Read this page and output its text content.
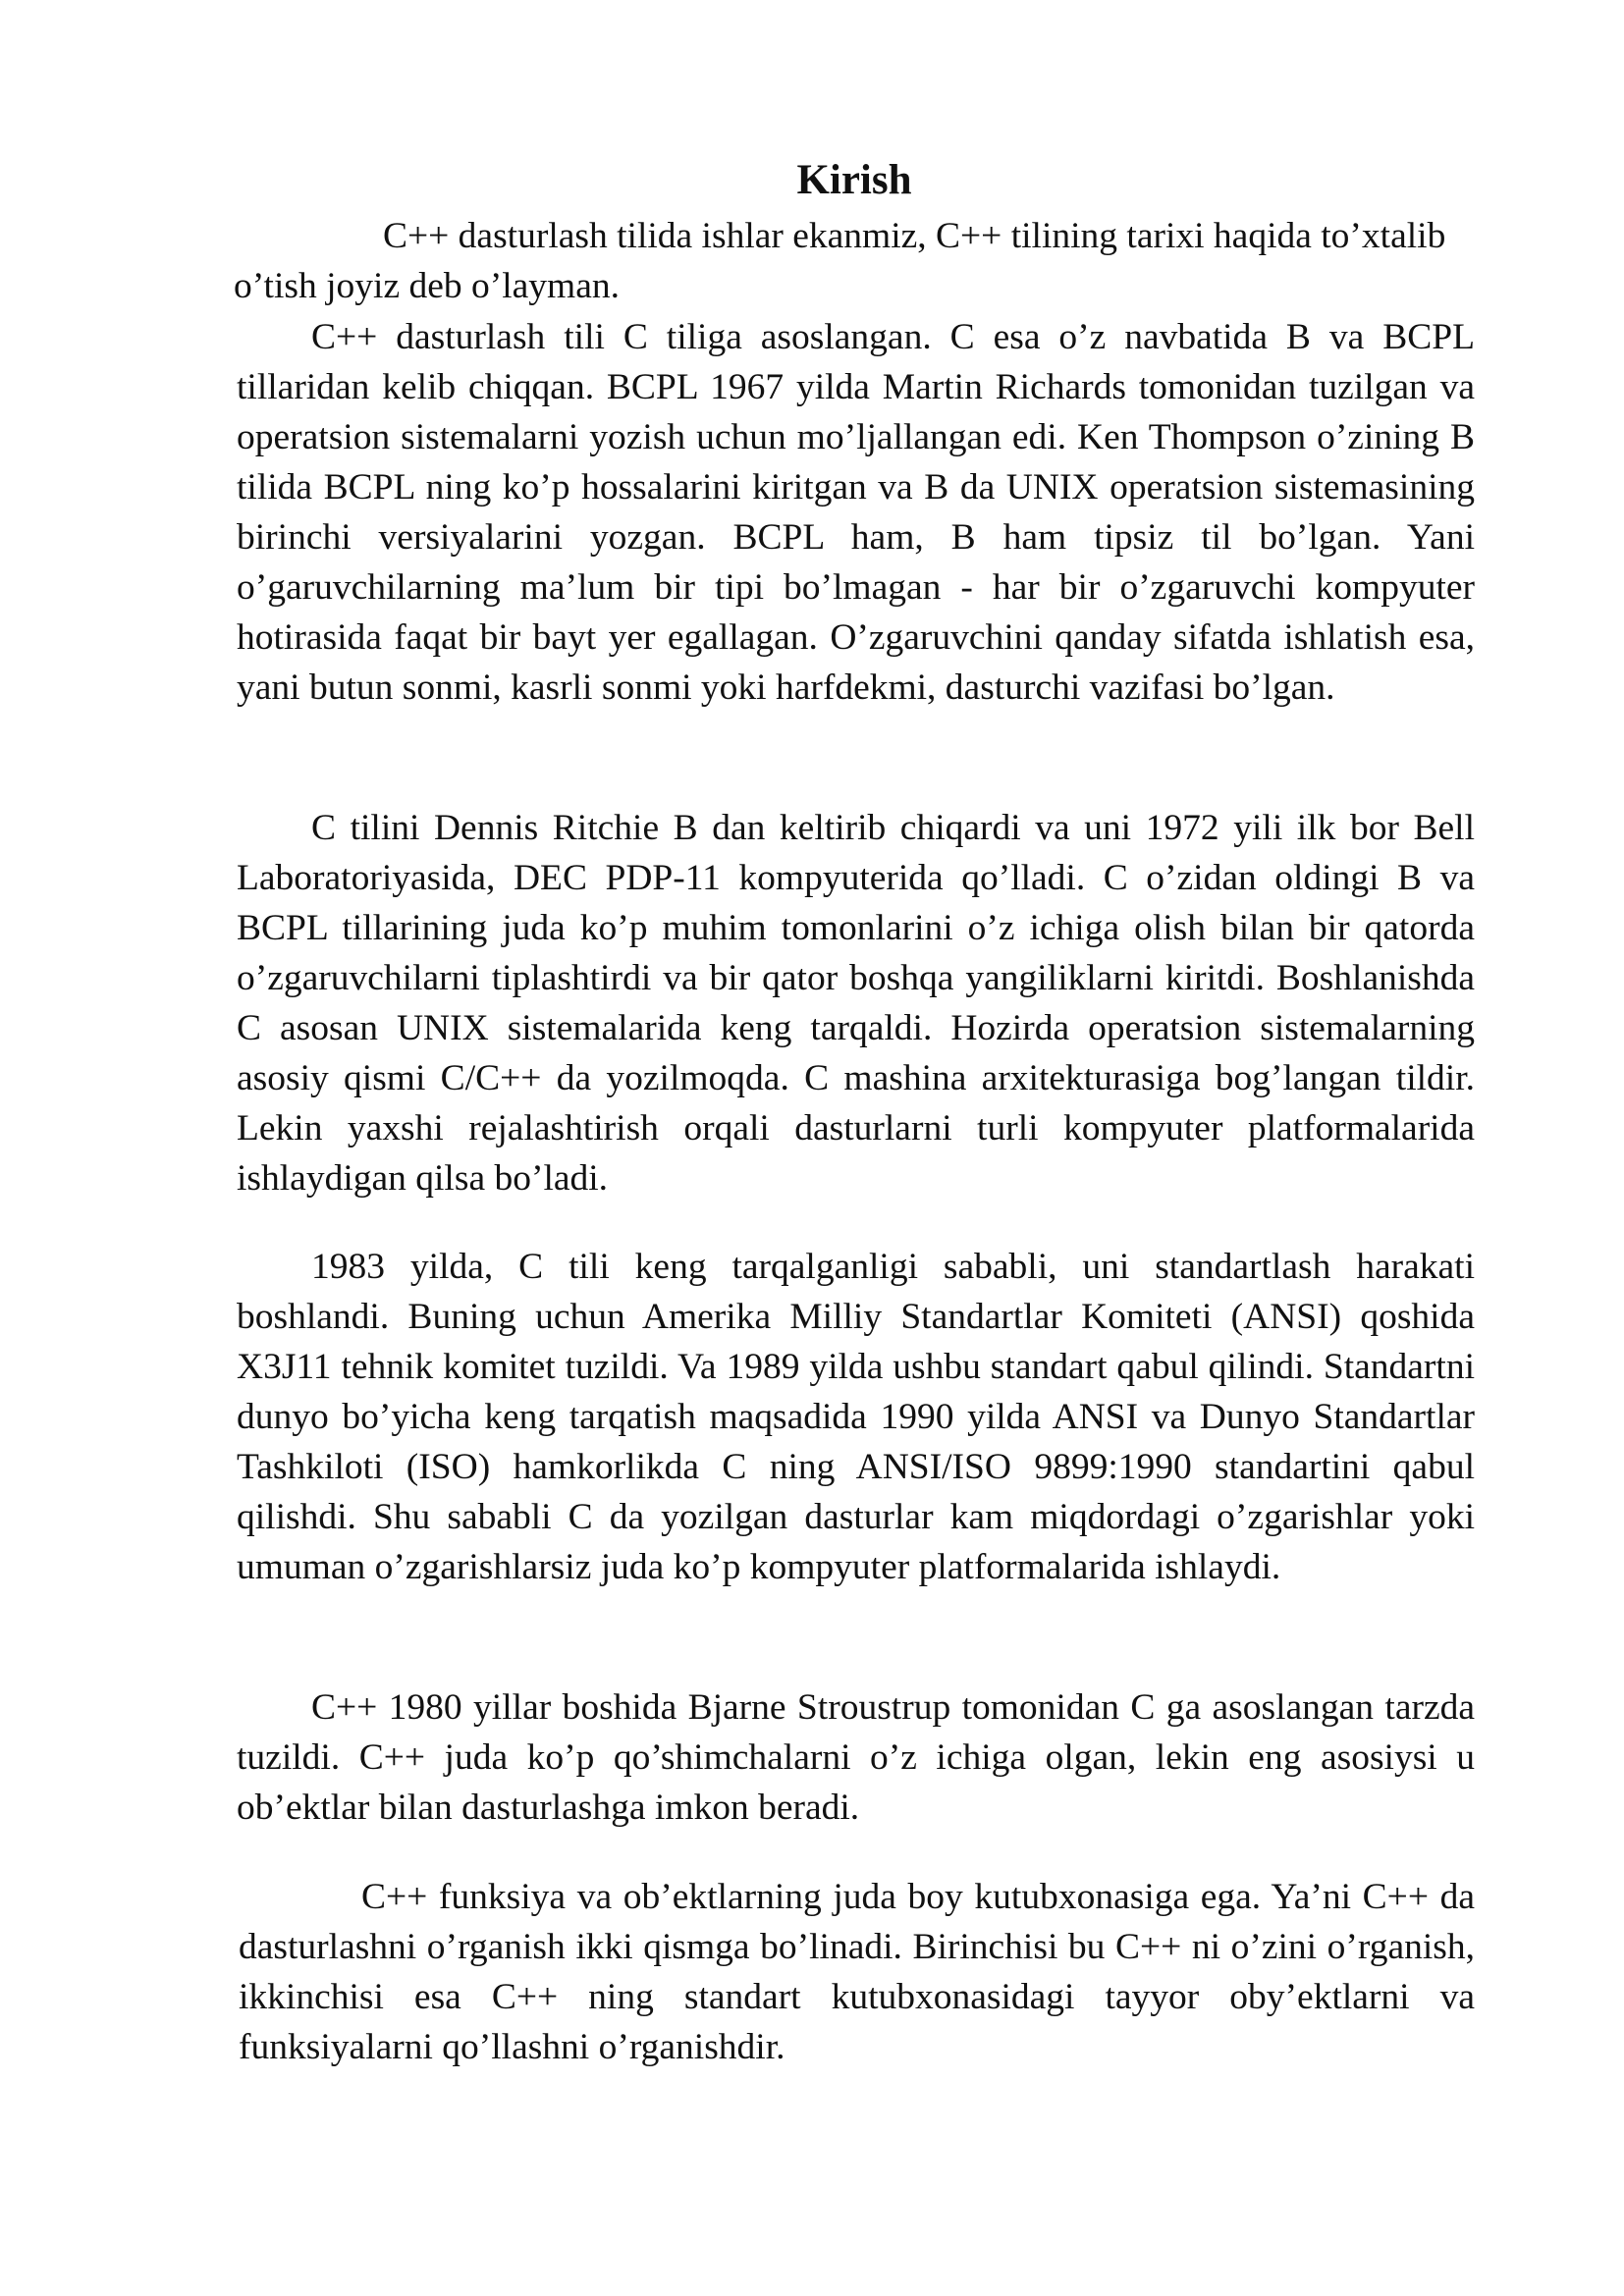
Kirish

C++ dasturlash tilida ishlar ekanmiz, C++ tilining tarixi haqida to’xtalib o’tish joyiz deb o’layman.

C++ dasturlash tili C tiliga asoslangan. C esa o’z navbatida B va BCPL tillaridan kelib chiqqan. BCPL 1967 yilda Martin Richards tomonidan tuzilgan va operatsion sistemalarni yozish uchun mo’ljallangan edi. Ken Thompson o’zining B tilida BCPL ning ko’p hossalarini kiritgan va B da UNIX operatsion sistemasining birinchi versiyalarini yozgan. BCPL ham, B ham tipsiz til bo’lgan. Yani o’garuvchilarning ma’lum bir tipi bo’lmagan - har bir o’zgaruvchi kompyuter hotirasida faqat bir bayt yer egallagan. O’zgaruvchini qanday sifatda ishlatish esa, yani butun sonmi, kasrli sonmi yoki harfdekmi, dasturchi vazifasi bo’lgan.

C tilini Dennis Ritchie B dan keltirib chiqardi va uni 1972 yili ilk bor Bell Laboratoriyasida, DEC PDP-11 kompyuterida qo’lladi. C o’zidan oldingi B va BCPL tillarining juda ko’p muhim tomonlarini o’z ichiga olish bilan bir qatorda o’zgaruvchilarni tiplashtirdi va bir qator boshqa yangiliklarni kiritdi. Boshlanishda C asosan UNIX sistemalarida keng tarqaldi. Hozirda operatsion sistemalarning asosiy qismi C/C++ da yozilmoqda. C mashina arxitekturasiga bog’langan tildir. Lekin yaxshi rejalashtirish orqali dasturlarni turli kompyuter platformalarida ishlaydigan qilsa bo’ladi.

1983 yilda, C tili keng tarqalganligi sababli, uni standartlash harakati boshlandi. Buning uchun Amerika Milliy Standartlar Komiteti (ANSI) qoshida X3J11 tehnik komitet tuzildi. Va 1989 yilda ushbu standart qabul qilindi. Standartni dunyo bo’yicha keng tarqatish maqsadida 1990 yilda ANSI va Dunyo Standartlar Tashkiloti (ISO) hamkorlikda C ning ANSI/ISO 9899:1990 standartini qabul qilishdi. Shu sababli C da yozilgan dasturlar kam miqdordagi o’zgarishlar yoki umuman o’zgarishlarsiz juda ko’p kompyuter platformalarida ishlaydi.

C++ 1980 yillar boshida Bjarne Stroustrup tomonidan C ga asoslangan tarzda tuzildi. C++ juda ko’p qo’shimchalarni o’z ichiga olgan, lekin eng asosiysi u ob’ektlar bilan dasturlashga imkon beradi.

C++ funksiya va ob’ektlarning juda boy kutubxonasiga ega. Ya’ni C++ da dasturlashni o’rganish ikki qismga bo’linadi. Birinchisi bu C++ ni o’zini o’rganish, ikkinchisi esa C++ ning standart kutubxonasidagi tayyor oby’ektlarni va funksiyalarni qo’llashni o’rganishdir.
